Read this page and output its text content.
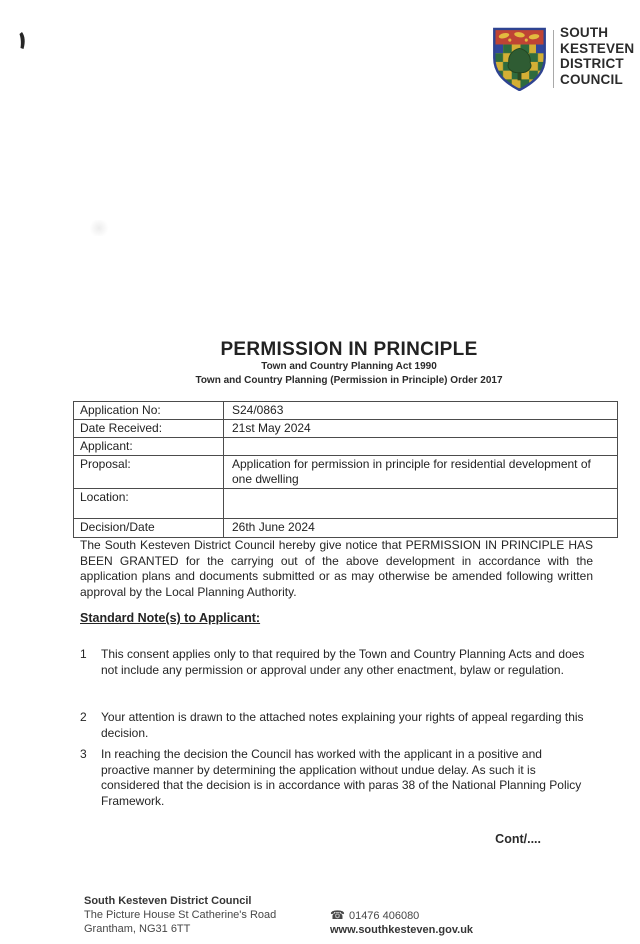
SOUTH
KESTEVEN
DISTRICT
COUNCIL
PERMISSION IN PRINCIPLE
Town and Country Planning Act 1990
Town and Country Planning (Permission in Principle) Order 2017
Application No:	S24/0863
Date Received:	21st May 2024
Applicant:	
Proposal:	Application for permission in principle for residential development of one dwelling
Location:	
Decision/Date	26th June 2024

The South Kesteven District Council hereby give notice that PERMISSION IN PRINCIPLE HAS BEEN GRANTED for the carrying out of the above development in accordance with the application plans and documents submitted or as may otherwise be amended following written approval by the Local Planning Authority.

Standard Note(s) to Applicant:
1	This consent applies only to that required by the Town and Country Planning Acts and does not include any permission or approval under any other enactment, bylaw or regulation.
2	Your attention is drawn to the attached notes explaining your rights of appeal regarding this decision.
3	In reaching the decision the Council has worked with the applicant in a positive and proactive manner by determining the application without undue delay. As such it is considered that the decision is in accordance with paras 38 of the National Planning Policy Framework.
Cont/....
South Kesteven District Council
The Picture House St Catherine's Road
Grantham, NG31 6TT
☎ 01476 406080
www.southkesteven.gov.uk
